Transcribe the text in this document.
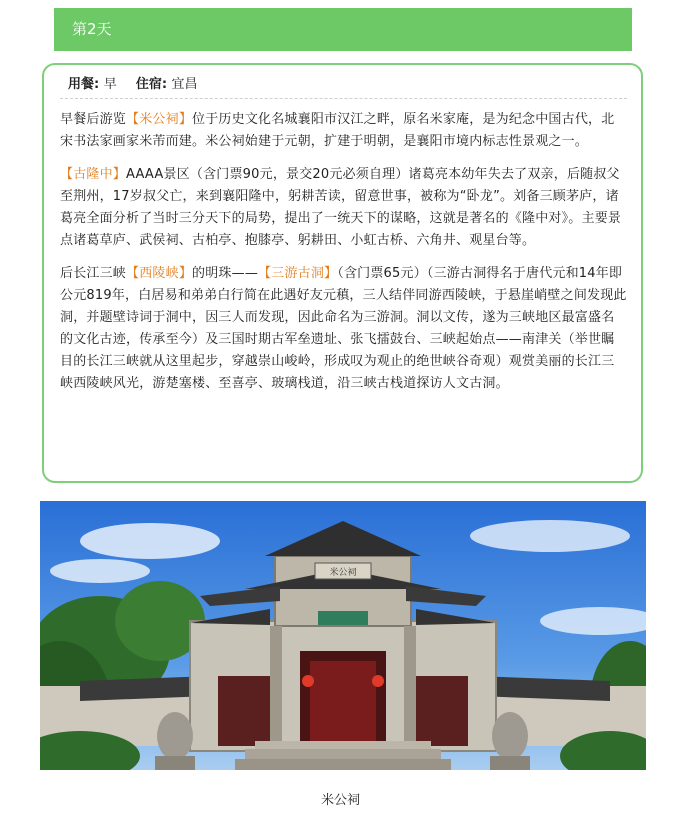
第2天
用餐: 早 住宿: 宜昌

早餐后游览【米公祠】位于历史文化名城襄阳市汉江之畔，原名米家庵，是为纪念中国古代，北宋书法家画家米芾而建。米公祠始建于元朝，扩建于明朝，是襄阳市境内标志性景观之一。

【古隆中】AAAA景区（含门票90元，景交20元必须自理）诸葛亮本幼年失去了双亲，后随叔父至荆州，17岁叔父亡，来到襄阳隆中，躬耕苦读，留意世事，被称为“卧龙”。刘备三顾茅庐，诸葛亮全面分析了当时三分天下的局势，提出了一统天下的谋略，这就是著名的《隆中对》。主要景点诸葛草庐、武侯祠、古柏亭、抱膝亭、躬耕田、小虹古桥、六角井、观星台等。

后长江三峡【西陵峡】的明珠——【三游古洞】（含门票65元）（三游古洞得名于唐代元和14年即公元819年，白居易和弟弟白行简在此遇好友元稹，三人结伴同游西陵峡，于悬崖峭壁之间发现此洞，并题壁诗词于洞中，因三人而发现，因此命名为三游洞。洞以文传，遂为三峡地区最富盛名的文化古迹，传承至今）及三国时期古军垒遗址、张飞擂鼓台、三峡起始点——南津关（举世瞩目的长江三峡就从这里起步，穿越崇山峻岭，形成叹为观止的绝世峡谷奇观）观赏美丽的长江三峡西陵峡风光，游楚塞楼、至喜亭、玻璃栈道，沿三峡古栈道探访人文古洞。

米公祠
米公祠
